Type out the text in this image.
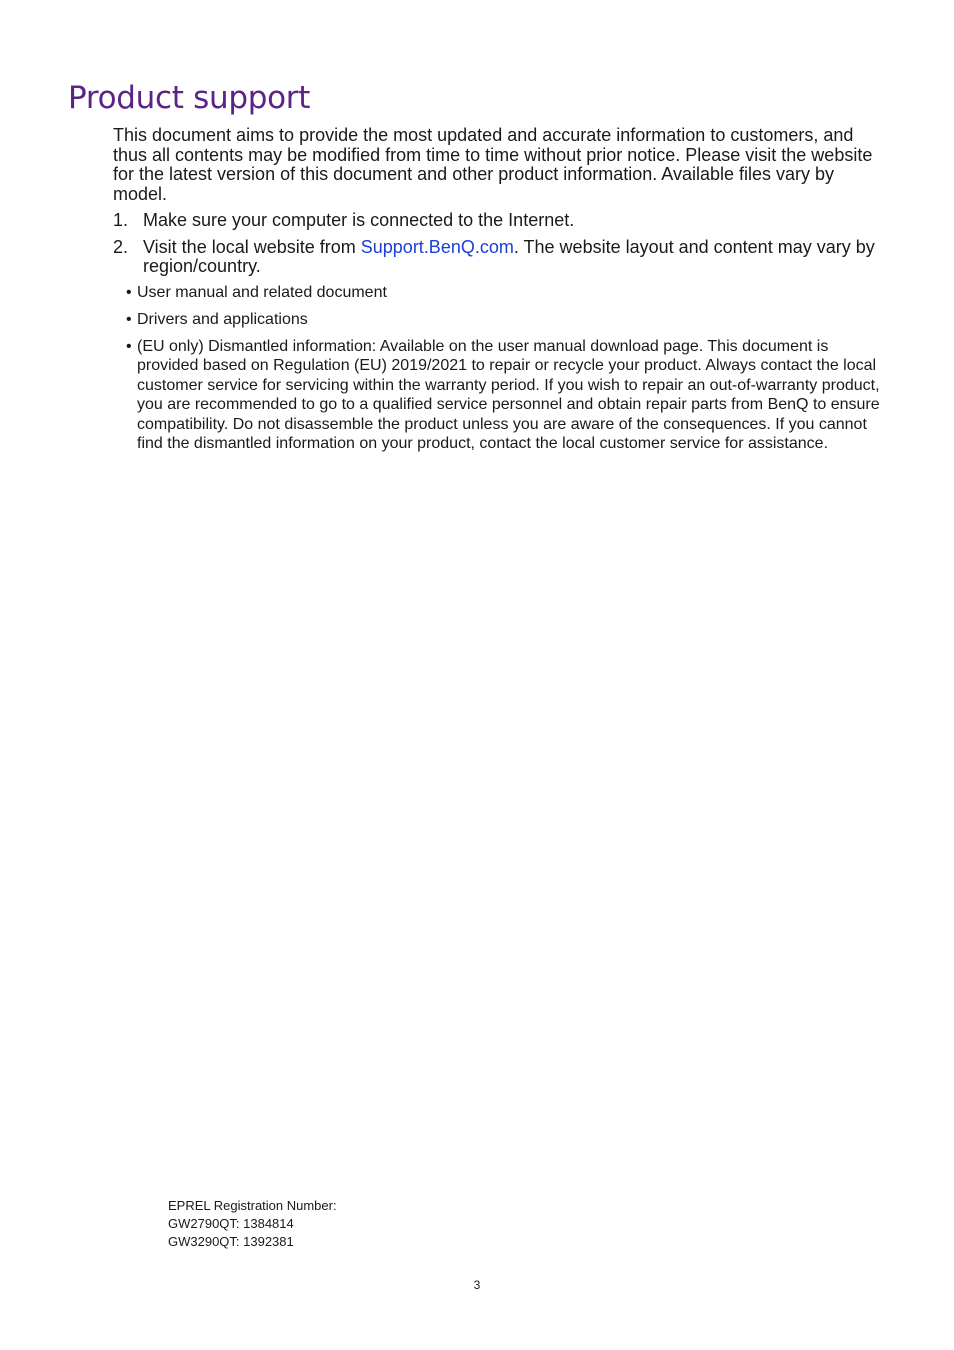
Product support

This document aims to provide the most updated and accurate information to customers, and thus all contents may be modified from time to time without prior notice. Please visit the website for the latest version of this document and other product information. Available files vary by model.

1. Make sure your computer is connected to the Internet.
2. Visit the local website from Support.BenQ.com. The website layout and content may vary by region/country.
• User manual and related document
• Drivers and applications
• (EU only) Dismantled information: Available on the user manual download page. This document is provided based on Regulation (EU) 2019/2021 to repair or recycle your product. Always contact the local customer service for servicing within the warranty period. If you wish to repair an out-of-warranty product, you are recommended to go to a qualified service personnel and obtain repair parts from BenQ to ensure compatibility. Do not disassemble the product unless you are aware of the consequences. If you cannot find the dismantled information on your product, contact the local customer service for assistance.
EPREL Registration Number:
GW2790QT: 1384814
GW3290QT: 1392381
3
